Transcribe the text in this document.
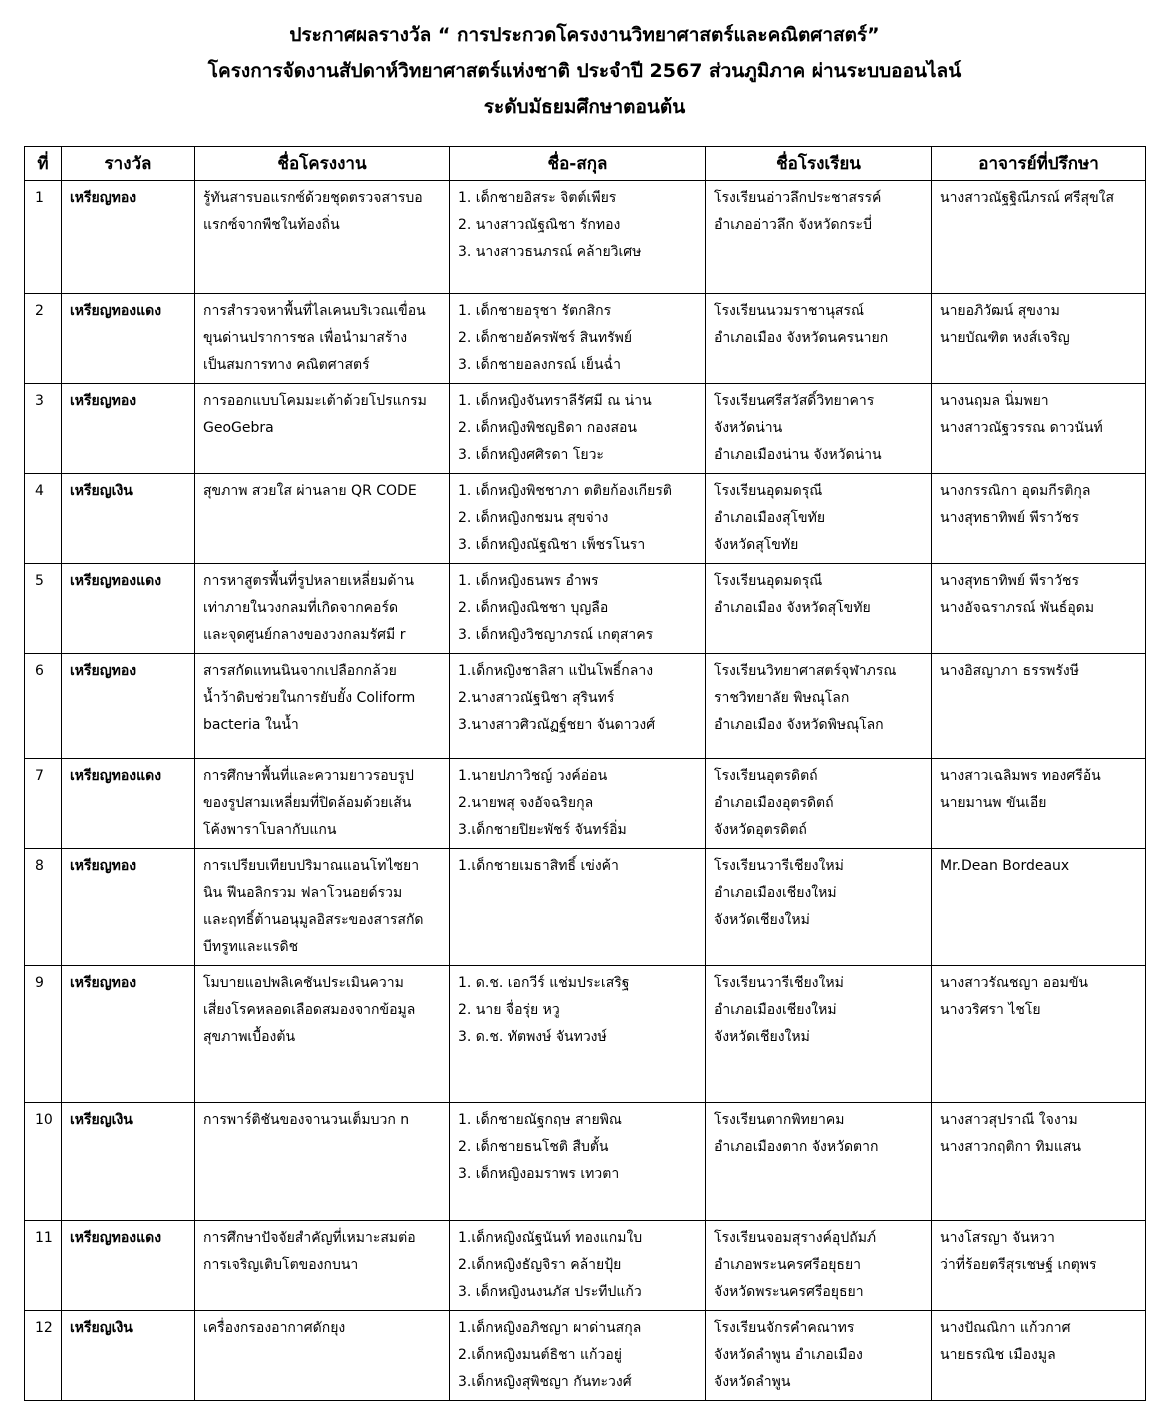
ประกาศผลรางวัล “ การประกวดโครงงานวิทยาศาสตร์และคณิตศาสตร์”
โครงการจัดงานสัปดาห์วิทยาศาสตร์แห่งชาติ ประจำปี 2567 ส่วนภูมิภาค ผ่านระบบออนไลน์
ระดับมัธยมศึกษาตอนต้น
ที่	รางวัล	ชื่อโครงงาน	ชื่อ-สกุล	ชื่อโรงเรียน	อาจารย์ที่ปรึกษา

1	เหรียญทอง	รู้ทันสารบอแรกซ์ด้วยชุดตรวจสารบอ
แรกซ์จากพืชในท้องถิ่น	1. เด็กชายอิสระ จิตต์เพียร
2. นางสาวณัฐณิชา รักทอง
3. นางสาวธนภรณ์ คล้ายวิเศษ	โรงเรียนอ่าวลึกประชาสรรค์
อำเภออ่าวลึก จังหวัดกระบี่	นางสาวณัฐฐิณีภรณ์ ศรีสุขใส

2	เหรียญทองแดง	การสำรวจหาพื้นที่ไลเคนบริเวณเขื่อน
ขุนด่านปราการชล เพื่อนำมาสร้าง
เป็นสมการทาง คณิตศาสตร์	1. เด็กชายอรุชา รัตกสิกร
2. เด็กชายอัครพัชร์ สินทรัพย์
3. เด็กชายอลงกรณ์ เย็นฉ่ำ	โรงเรียนนวมราชานุสรณ์
อำเภอเมือง จังหวัดนครนายก	นายอภิวัฒน์ สุขงาม
นายบัณฑิต หงส์เจริญ

3	เหรียญทอง	การออกแบบโคมมะเต้าด้วยโปรแกรม
GeoGebra	1. เด็กหญิงจันทราลีรัศมี ณ น่าน
2. เด็กหญิงพิชญธิดา กองสอน
3. เด็กหญิงศศิรดา โยวะ	โรงเรียนศรีสวัสดิ์วิทยาคาร
จังหวัดน่าน
อำเภอเมืองน่าน จังหวัดน่าน	นางนฤมล นิ่มพยา
นางสาวณัฐวรรณ ดาวนันท์

4	เหรียญเงิน	สุขภาพ สวยใส ผ่านลาย QR CODE	1. เด็กหญิงพิชชาภา ตติยก้องเกียรติ
2. เด็กหญิงกชมน สุขจ่าง
3. เด็กหญิงณัฐณิชา เพ็ชรโนรา	โรงเรียนอุดมดรุณี
อำเภอเมืองสุโขทัย
จังหวัดสุโขทัย	นางกรรณิกา อุดมกีรติกุล
นางสุทธาทิพย์ พีราวัชร

5	เหรียญทองแดง	การหาสูตรพื้นที่รูปหลายเหลี่ยมด้าน
เท่าภายในวงกลมที่เกิดจากคอร์ด
และจุดศูนย์กลางของวงกลมรัศมี r	1. เด็กหญิงธนพร อำพร
2. เด็กหญิงณิชชา บุญลือ
3. เด็กหญิงวิชญาภรณ์ เกตุสาคร	โรงเรียนอุดมดรุณี
อำเภอเมือง จังหวัดสุโขทัย	นางสุทธาทิพย์ พีราวัชร
นางอัจฉราภรณ์ พันธ์อุดม

6	เหรียญทอง	สารสกัดแทนนินจากเปลือกกล้วย
น้ำว้าดิบช่วยในการยับยั้ง Coliform
bacteria ในน้ำ	1.เด็กหญิงชาลิสา แป้นโพธิ์กลาง
2.นางสาวณัฐนิชา สุรินทร์
3.นางสาวศิวณัฏฐ์ชยา จันดาวงศ์	โรงเรียนวิทยาศาสตร์จุฬาภรณ
ราชวิทยาลัย พิษณุโลก
อำเภอเมือง จังหวัดพิษณุโลก	นางอิสญาภา ธรรพรังษี

7	เหรียญทองแดง	การศึกษาพื้นที่และความยาวรอบรูป
ของรูปสามเหลี่ยมที่ปิดล้อมด้วยเส้น
โค้งพาราโบลากับแกน	1.นายปภาวิชญ์ วงค์อ่อน
2.นายพสุ จงอัจฉริยกุล
3.เด็กชายปิยะพัชร์ จันทร์อิ่ม	โรงเรียนอุตรดิตถ์
อำเภอเมืองอุตรดิตถ์
จังหวัดอุตรดิตถ์	นางสาวเฉลิมพร ทองศรีอ้น
นายมานพ ขันเอีย

8	เหรียญทอง	การเปรียบเทียบปริมาณแอนโทไซยา
นิน ฟีนอลิกรวม ฟลาโวนอยด์รวม
และฤทธิ์ต้านอนุมูลอิสระของสารสกัด
บีทรูทและแรดิช	1.เด็กชายเมธาสิทธิ์ เข่งค้า	โรงเรียนวารีเชียงใหม่
อำเภอเมืองเชียงใหม่
จังหวัดเชียงใหม่	Mr.Dean Bordeaux

9	เหรียญทอง	โมบายแอปพลิเคชันประเมินความ
เสี่ยงโรคหลอดเลือดสมองจากข้อมูล
สุขภาพเบื้องต้น	1. ด.ช. เอกวีร์ แช่มประเสริฐ
2. นาย จื่อรุ่ย หวู
3. ด.ช. ทัตพงษ์ จันทวงษ์	โรงเรียนวารีเชียงใหม่
อำเภอเมืองเชียงใหม่
จังหวัดเชียงใหม่	นางสาวรัณชญา ออมขัน
นางวริศรา ไชโย

10	เหรียญเงิน	การพาร์ติชันของจานวนเต็มบวก n	1. เด็กชายณัฐกฤษ สายพิณ
2. เด็กชายธนโชติ สืบตั้น
3. เด็กหญิงอมราพร เทวตา	โรงเรียนตากพิทยาคม
อำเภอเมืองตาก จังหวัดตาก	นางสาวสุปราณี ใจงาม
นางสาวกฤติกา ทิมแสน

11	เหรียญทองแดง	การศึกษาปัจจัยสำคัญที่เหมาะสมต่อ
การเจริญเติบโตของกบนา	1.เด็กหญิงณัฐนันท์ ทองแกมใบ
2.เด็กหญิงธัญจิรา คล้ายปุ้ย
3. เด็กหญิงนงนภัส ประทีปแก้ว	โรงเรียนจอมสุรางค์อุปถัมภ์
อำเภอพระนครศรีอยุธยา
จังหวัดพระนครศรีอยุธยา	นางโสรญา จันหวา
ว่าที่ร้อยตรีสุรเชษฐ์ เกตุพร

12	เหรียญเงิน	เครื่องกรองอากาศดักยุง	1.เด็กหญิงอภิชญา ผาด่านสกุล
2.เด็กหญิงมนต์ธิชา แก้วอยู่
3.เด็กหญิงสุพิชญา กันทะวงศ์	โรงเรียนจักรคำคณาทร
จังหวัดลำพูน อำเภอเมือง
จังหวัดลำพูน	นางปัณณิกา แก้วกาศ
นายธรณิช เมืองมูล
